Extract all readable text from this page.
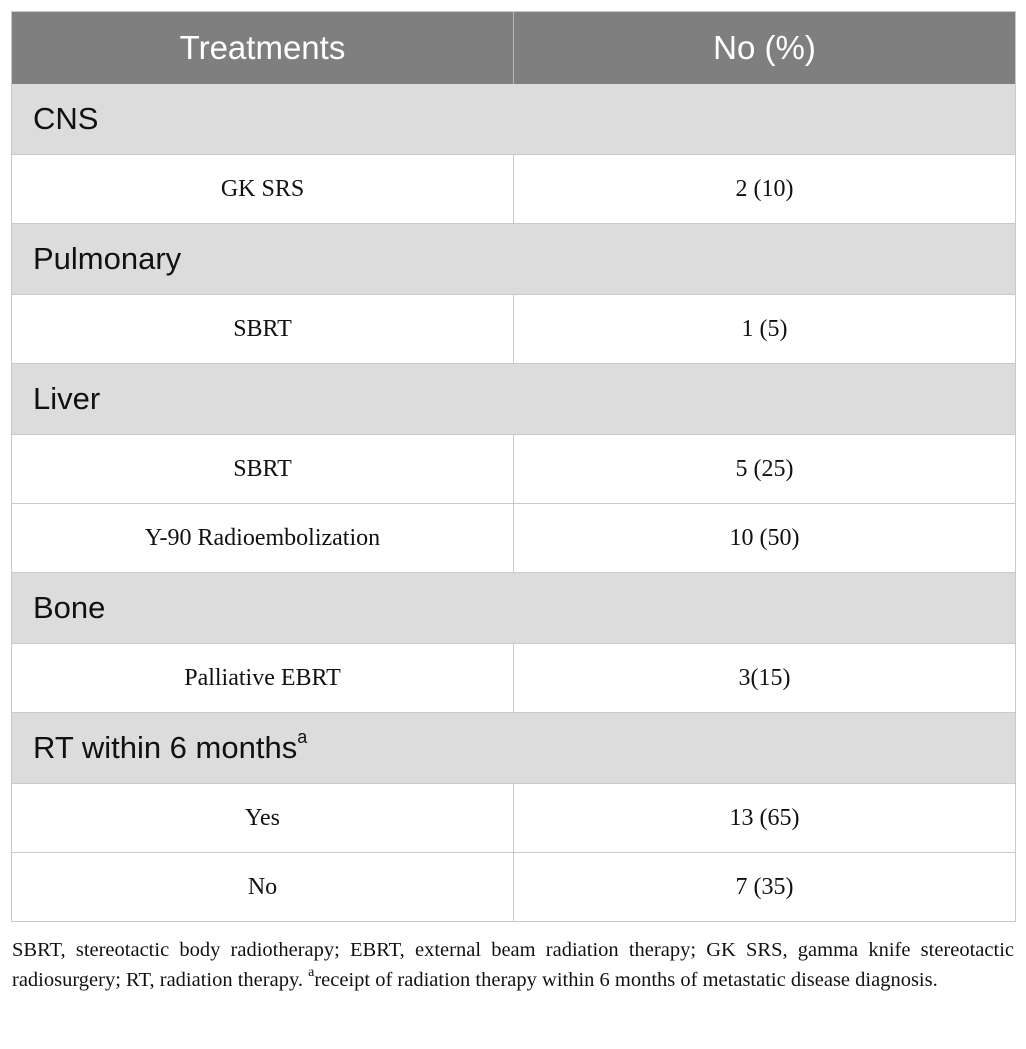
Treatments	No (%)
CNS	
GK SRS	2 (10)
Pulmonary	
SBRT	1 (5)
Liver	
SBRT	5 (25)
Y-90 Radioembolization	10 (50)
Bone	
Palliative EBRT	3(15)
RT within 6 months$^a$
Yes	13 (65)
No	7 (35)

SBRT, stereotactic body radiotherapy; EBRT, external beam radiation therapy; GK SRS, gamma knife stereotactic radiosurgery; RT, radiation therapy. $^a$receipt of radiation therapy within 6 months of metastatic disease diagnosis.
